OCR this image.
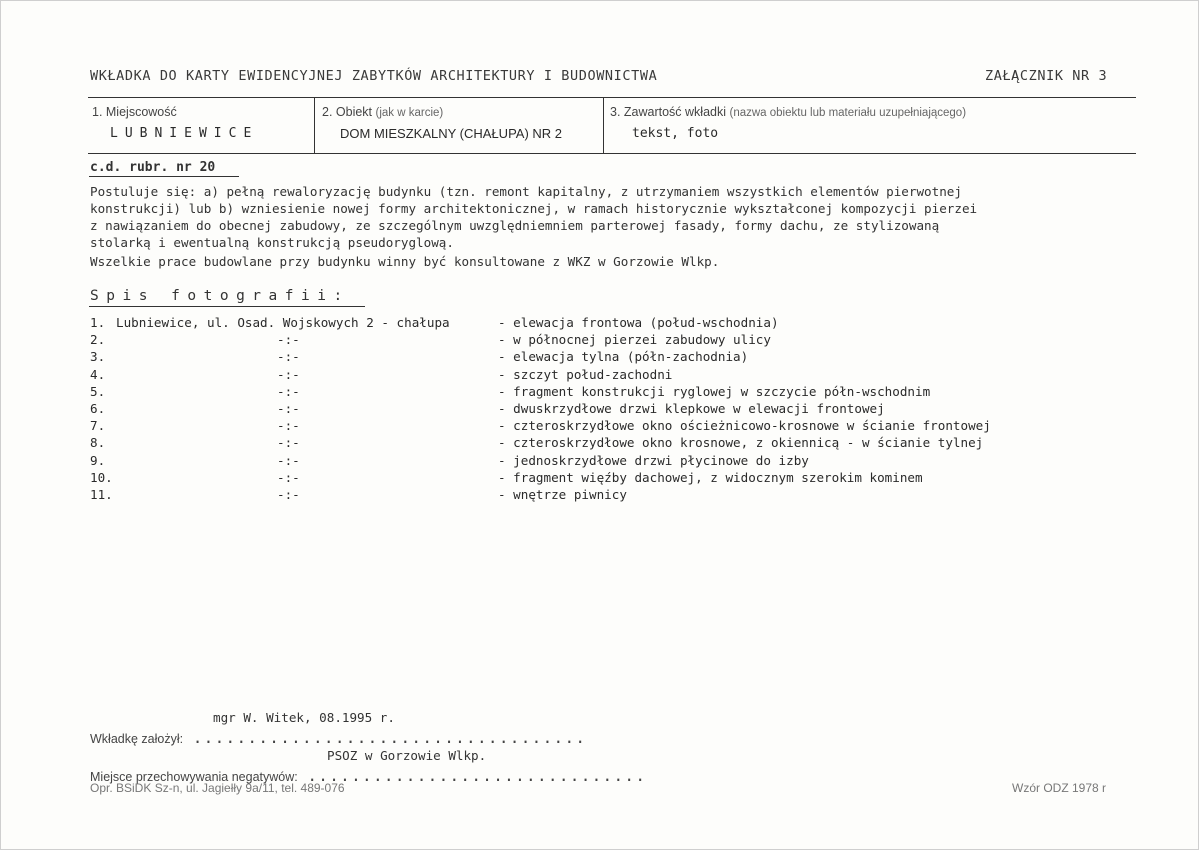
WKŁADKA DO KARTY EWIDENCYJNEJ ZABYTKÓW ARCHITEKTURY I BUDOWNICTWA	ZAŁĄCZNIK NR 3
1. Miejscowość
LUBNIEWICE
2. Obiekt (jak w karcie)
DOM MIESZKALNY (CHAŁUPA) NR 2
3. Zawartość wkładki (nazwa obiektu lub materiału uzupełniającego)
tekst, foto
c.d. rubr. nr 20
Postuluje się: a) pełną rewaloryzację budynku (tzn. remont kapitalny, z utrzymaniem wszystkich elementów pierwotnej
konstrukcji) lub b) wzniesienie nowej formy architektonicznej, w ramach historycznie wykształconej kompozycji pierzei
z nawiązaniem do obecnej zabudowy, ze szczególnym uwzględniemniem parterowej fasady, formy dachu, ze stylizowaną
stolarką i ewentualną konstrukcją pseudoryglową.
Wszelkie prace budowlane przy budynku winny być konsultowane z WKZ w Gorzowie Wlkp.
Spis fotografii:
1. Lubniewice, ul. Osad. Wojskowych 2 - chałupa	- elewacja frontowa (połud-wschodnia)
2.	-:-	- w północnej pierzei zabudowy ulicy
3.	-:-	- elewacja tylna (półn-zachodnia)
4.	-:-	- szczyt połud-zachodni
5.	-:-	- fragment konstrukcji ryglowej w szczycie półn-wschodnim
6.	-:-	- dwuskrzydłowe drzwi klepkowe w elewacji frontowej
7.	-:-	- czteroskrzydłowe okno ościeżnicowo-krosnowe w ścianie frontowej
8.	-:-	- czteroskrzydłowe okno krosnowe, z okiennicą - w ścianie tylnej
9.	-:-	- jednoskrzydłowe drzwi płycinowe do izby
10.	-:-	- fragment więźby dachowej, z widocznym szerokim kominem
11.	-:-	- wnętrze piwnicy
mgr W. Witek, 08.1995 r.
Wkładkę założył: ....................................
PSOZ w Gorzowie Wlkp.
Miejsce przechowywania negatywów: ...............................
Opr. BSiDK Sz-n, ul. Jagiełły 9a/11, tel. 489-076	Wzór ODZ 1978 r
